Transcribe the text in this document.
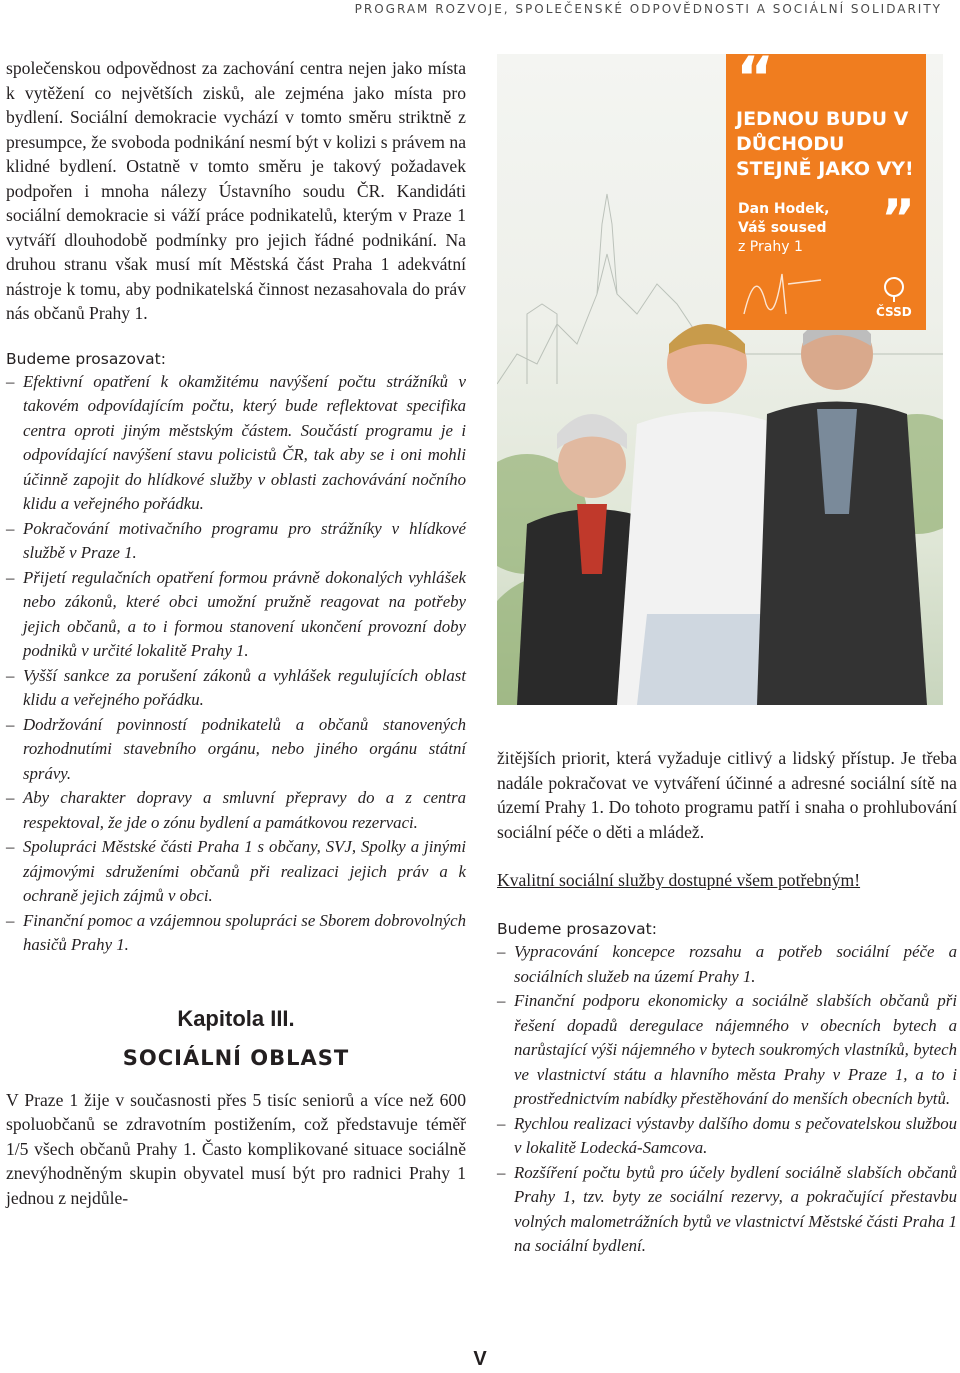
PROGRAM ROZVOJE, SPOLEČENSKÉ ODPOVĚDNOSTI A SOCIÁLNÍ SOLIDARITY

společenskou odpovědnost za zachování centra nejen jako místa k vytěžení co největších zisků, ale zejména jako místa pro bydlení. Sociální demokracie vychází v tomto směru striktně z presumpce, že svoboda podnikání nesmí být v kolizi s právem na klidné bydlení. Ostatně v tomto směru je takový požadavek podpořen i mnoha nálezy Ústavního soudu ČR. Kandidáti sociální demokracie si váží práce podnikatelů, kterým v Praze 1 vytváří dlouhodobě podmínky pro jejich řádné podnikání. Na druhou stranu však musí mít Městská část Praha 1 adekvátní nástroje k tomu, aby podnikatelská činnost nezasahovala do práv nás občanů Prahy 1.

Budeme prosazovat:

– Efektivní opatření k okamžitému navýšení počtu strážníků v takovém odpovídajícím počtu, který bude reflektovat specifika centra oproti jiným městským částem. Součástí programu je i odpovídající navýšení stavu policistů ČR, tak aby se i oni mohli účinně zapojit do hlídkové služby v oblasti zachovávání nočního klidu a veřejného pořádku.
– Pokračování motivačního programu pro strážníky v hlídkové službě v Praze 1.
– Přijetí regulačních opatření formou právně dokonalých vyhlášek nebo zákonů, které obci umožní pružně reagovat na potřeby jejich občanů, a to i formou stanovení ukončení provozní doby podniků v určité lokalitě Prahy 1.
– Vyšší sankce za porušení zákonů a vyhlášek regulujících oblast klidu a veřejného pořádku.
– Dodržování povinností podnikatelů a občanů stanovených rozhodnutími stavebního orgánu, nebo jiného orgánu státní správy.
– Aby charakter dopravy a smluvní přepravy do a z centra respektoval, že jde o zónu bydlení a památkovou rezervaci.
– Spolupráci Městské části Praha 1 s občany, SVJ, Spolky a jinými zájmovými sdruženími občanů při realizaci jejich práv a k ochraně jejich zájmů v obci.
– Finanční pomoc a vzájemnou spolupráci se Sborem dobrovolných hasičů Prahy 1.

Kapitola III.

SOCIÁLNÍ OBLAST

V Praze 1 žije v současnosti přes 5 tisíc seniorů a více než 600 spoluobčanů se zdravotním postižením, což představuje téměř 1/5 všech občanů Prahy 1. Často komplikované situace sociálně znevýhodněným skupin obyvatel musí být pro radnici Prahy 1 jednou z nejdůle-

“
JEDNOU BUDU V DŮCHODU STEJNĚ JAKO VY!
Dan Hodek,
Váš soused
z Prahy 1	”
ČSSD

žitějších priorit, která vyžaduje citlivý a lidský přístup. Je třeba nadále pokračovat ve vytváření účinné a adresné sociální sítě na území Prahy 1. Do tohoto programu patří i snaha o prohlubování sociální péče o děti a mládež.

Kvalitní sociální služby dostupné všem potřebným!

Budeme prosazovat:

– Vypracování koncepce rozsahu a potřeb sociální péče a sociálních služeb na území Prahy 1.
– Finanční podporu ekonomicky a sociálně slabších občanů při řešení dopadů deregulace nájemného v obecních bytech a narůstající výši nájemného v bytech soukromých vlastníků, bytech ve vlastnictví státu a hlavního města Prahy v Praze 1, a to i prostřednictvím nabídky přestěhování do menších obecních bytů.
– Rychlou realizaci výstavby dalšího domu s pečovatelskou službou v lokalitě Lodecká-Samcova.
– Rozšíření počtu bytů pro účely bydlení sociálně slabších občanů Prahy 1, tzv. byty ze sociální rezervy, a pokračující přestavbu volných malometrážních bytů ve vlastnictví Městské části Praha 1 na sociální bydlení.
V
